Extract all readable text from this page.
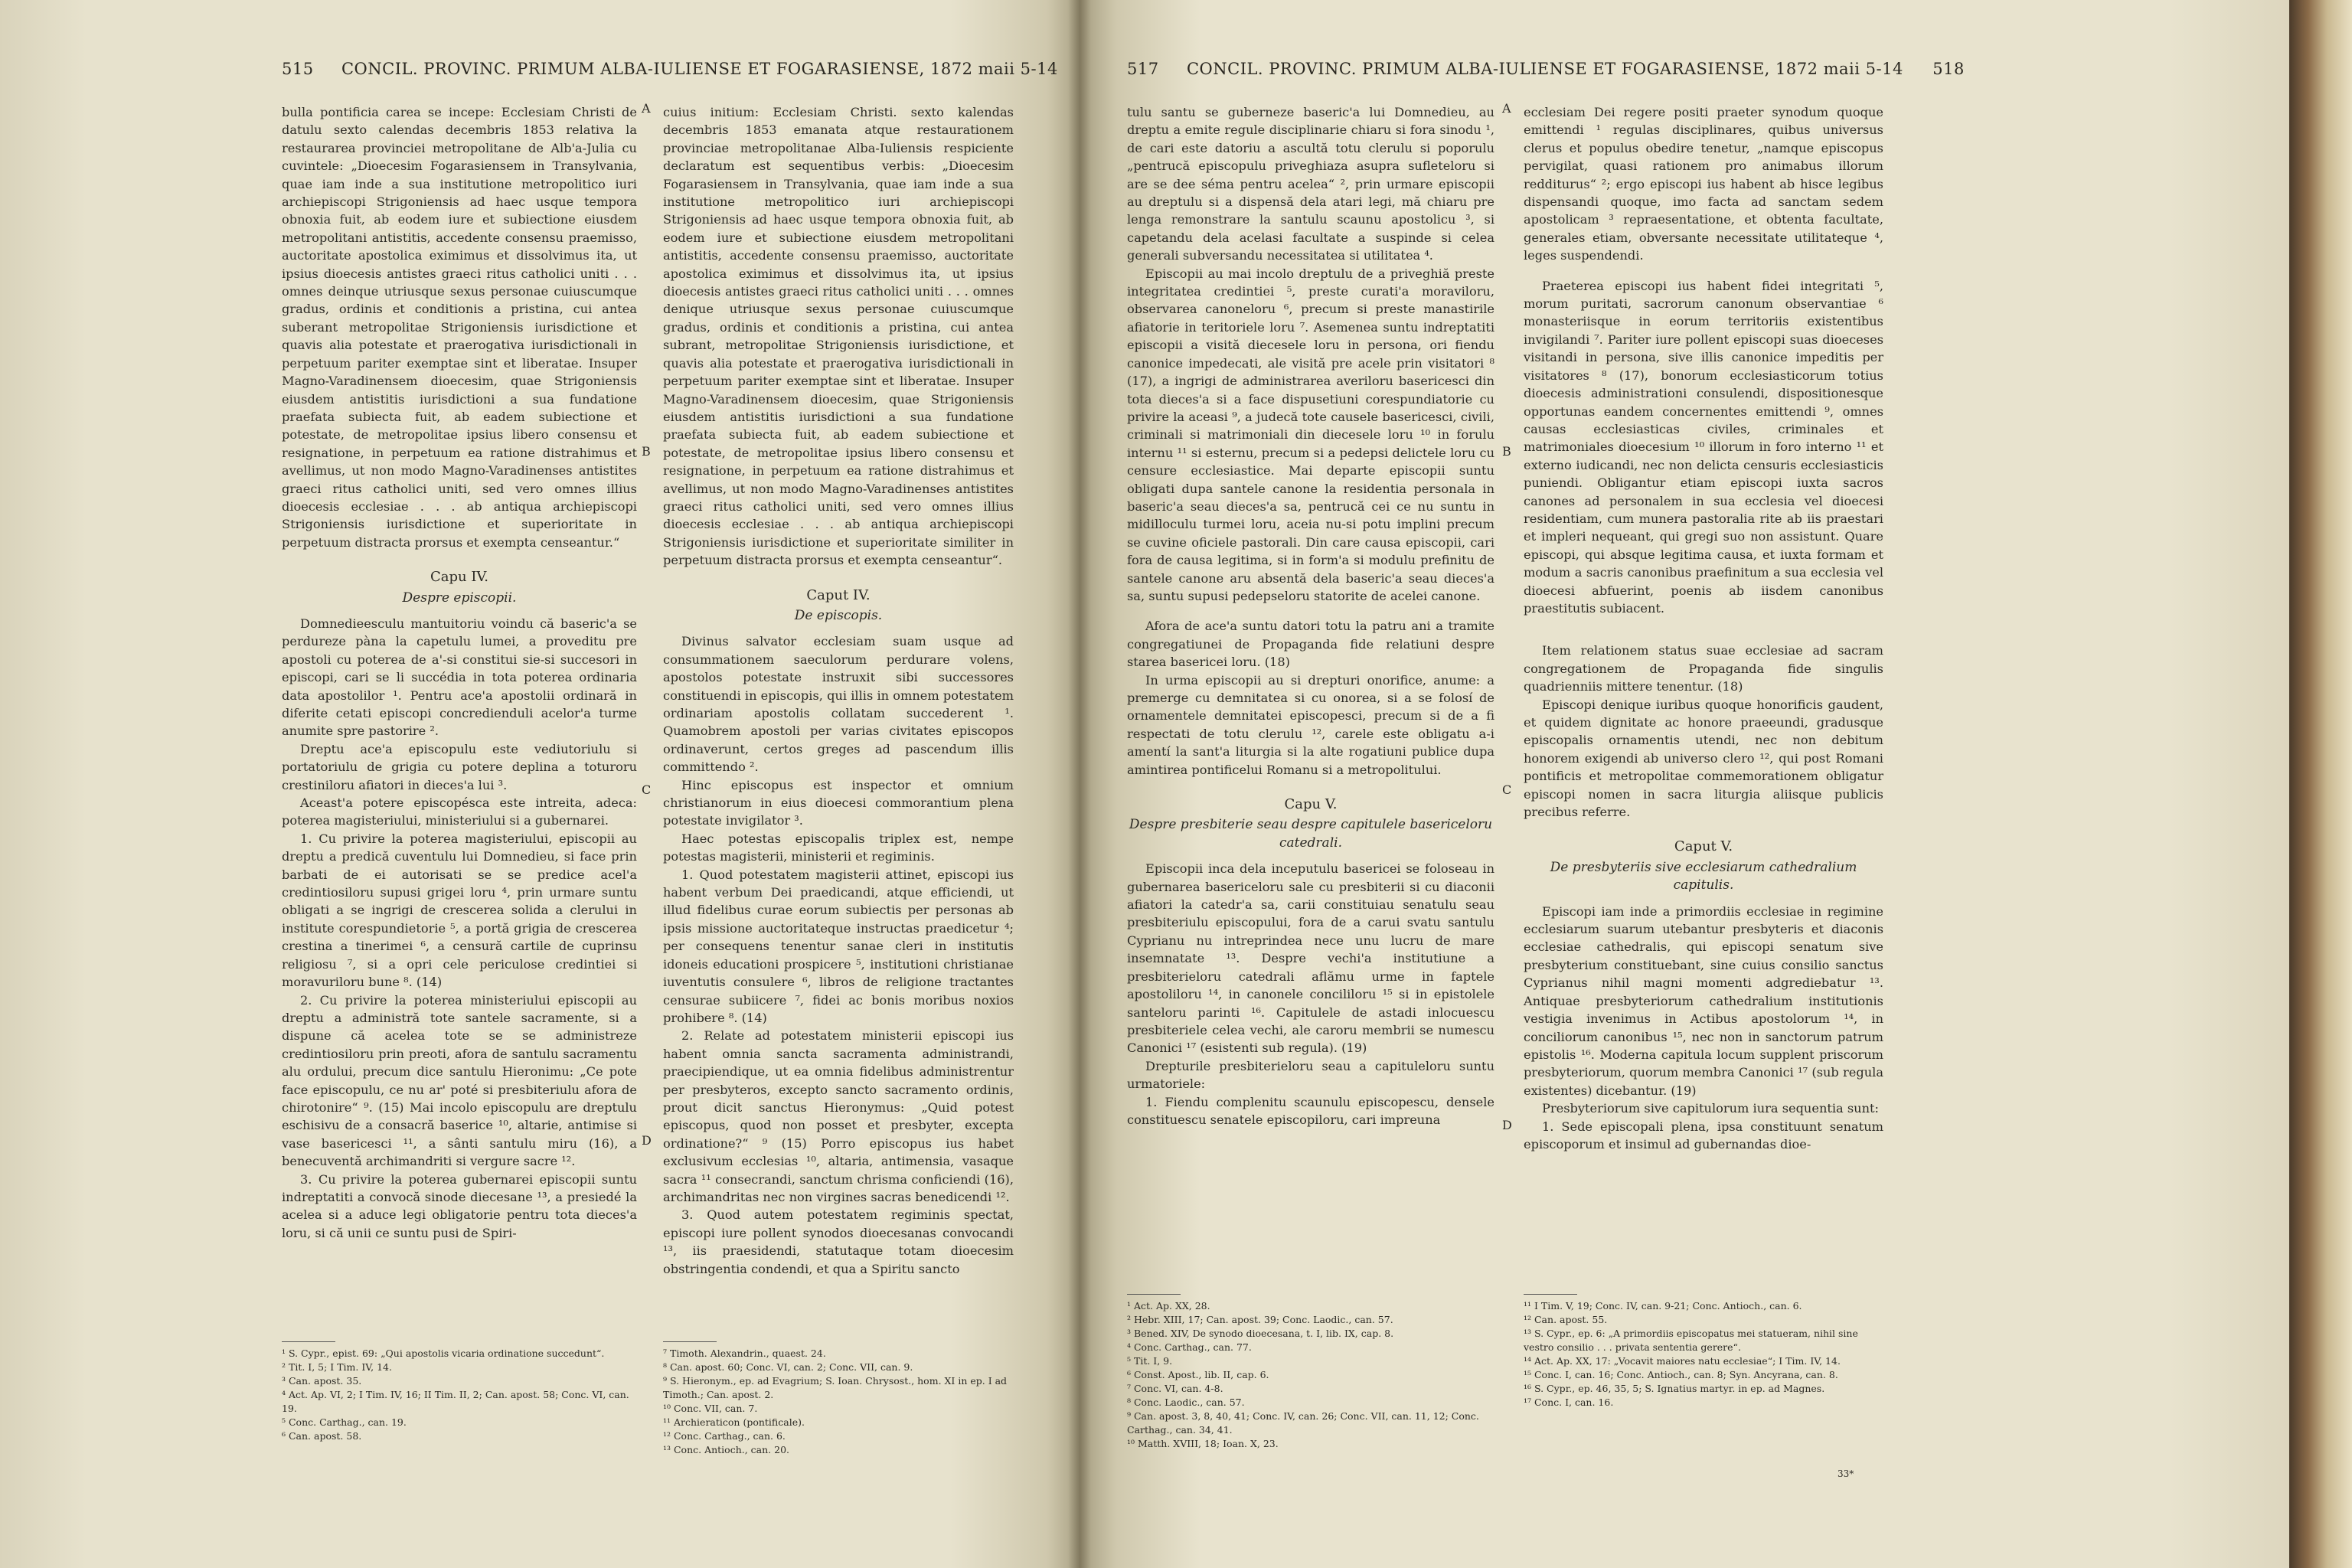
515 CONCIL. PROVINC. PRIMUM ALBA-IULIENSE ET FOGARASIENSE, 1872 maii 5-14

bulla pontificia carea se incepe: Ecclesiam Christi de datulu sexto calendas decembris 1853 relativa la restaurarea provinciei metropolitane de Alb'a-Julia cu cuvintele: „Dioecesim Fogarasiensem in Transylvania, quae iam inde a sua institutione metropolitico iuri archiepiscopi Strigoniensis ad haec usque tempora obnoxia fuit, ab eodem iure et subiectione eiusdem metropolitani antistitis, accedente consensu praemisso, auctoritate apostolica eximimus et dissolvimus ita, ut ipsius dioecesis antistes graeci ritus catholici uniti . . . omnes deinque utriusque sexus personae cuiuscumque gradus, ordinis et conditionis a pristina, cui antea suberant metropolitae Strigoniensis iurisdictione et quavis alia potestate et praerogativa iurisdictionali in perpetuum pariter exemptae sint et liberatae. Insuper Magno-Varadinensem dioecesim, quae Strigoniensis eiusdem antistitis iurisdictioni a sua fundatione praefata subiecta fuit, ab eadem subiectione et potestate, de metropolitae ipsius libero consensu et resignatione, in perpetuum ea ratione distrahimus et avellimus, ut non modo Magno-Varadinenses antistites graeci ritus catholici uniti, sed vero omnes illius dioecesis ecclesiae . . . ab antiqua archiepiscopi Strigoniensis iurisdictione et superioritate in perpetuum distracta prorsus et exempta censeantur.“

Capu IV.
Despre episcopii.

Domnedieesculu mantuitoriu voindu că baseric'a se perdureze pàna la capetulu lumei, a proveditu pre apostoli cu poterea de a'-si constitui sie-si succesori in episcopi, cari se li succédia in tota poterea ordinaria data apostolilor ¹. Pentru ace'a apostolii ordinară in diferite cetati episcopi concredienduli acelor'a turme anumite spre pastorire ².

Dreptu ace'a episcopulu este vediutoriulu si portatoriulu de grigia cu potere deplina a toturoru crestiniloru afiatori in dieces'a lui ³.

Aceast'a potere episcopésca este intreita, adeca: poterea magisteriului, ministeriului si a gubernarei.

1. Cu privire la poterea magisteriului, episcopii au dreptu a predică cuventulu lui Domnedieu, si face prin barbati de ei autorisati se se predice acel'a credintiosiloru supusi grigei loru ⁴, prin urmare suntu obligati a se ingrigi de crescerea solida a clerului in institute corespundietorie ⁵, a portă grigia de crescerea crestina a tinerimei ⁶, a censură cartile de cuprinsu religiosu ⁷, si a opri cele periculose credintiei si moravuriloru bune ⁸. (14)

2. Cu privire la poterea ministeriului episcopii au dreptu a administră tote santele sacramente, si a dispune că acelea tote se se administreze credintiosiloru prin preoti, afora de santulu sacramentu alu ordului, precum dice santulu Hieronimu: „Ce pote face episcopulu, ce nu ar' poté si presbiteriulu afora de chirotonire“ ⁹. (15) Mai incolo episcopulu are dreptulu eschisivu de a consacră baserice ¹⁰, altarie, antimise si vase basericesci ¹¹, a sânti santulu miru (16), a benecuventă archimandriti si vergure sacre ¹².

3. Cu privire la poterea gubernarei episcopii suntu indreptatiti a convocă sinode diecesane ¹³, a presiedé la acelea si a aduce legi obligatorie pentru tota dieces'a loru, si că unii ce suntu pusi de Spiri-

¹ S. Cypr., epist. 69: „Qui apostolis vicaria ordinatione succedunt“.
² Tit. I, 5; I Tim. IV, 14.
³ Can. apost. 35.
⁴ Act. Ap. VI, 2; I Tim. IV, 16; II Tim. II, 2; Can. apost. 58; Conc. VI, can. 19.
⁵ Conc. Carthag., can. 19.
⁶ Can. apost. 58.

cuius initium: Ecclesiam Christi. sexto kalendas decembris 1853 emanata atque restaurationem provinciae metropolitanae Alba-Iuliensis respiciente declaratum est sequentibus verbis: „Dioecesim Fogarasiensem in Transylvania, quae iam inde a sua institutione metropolitico iuri archiepiscopi Strigoniensis ad haec usque tempora obnoxia fuit, ab eodem iure et subiectione eiusdem metropolitani antistitis, accedente consensu praemisso, auctoritate apostolica eximimus et dissolvimus ita, ut ipsius dioecesis antistes graeci ritus catholici uniti . . . omnes denique utriusque sexus personae cuiuscumque gradus, ordinis et conditionis a pristina, cui antea subrant, metropolitae Strigoniensis iurisdictione, et quavis alia potestate et praerogativa iurisdictionali in perpetuum pariter exemptae sint et liberatae. Insuper Magno-Varadinensem dioecesim, quae Strigoniensis eiusdem antistitis iurisdictioni a sua fundatione praefata subiecta fuit, ab eadem subiectione et potestate, de metropolitae ipsius libero consensu et resignatione, in perpetuum ea ratione distrahimus et avellimus, ut non modo Magno-Varadinenses antistites graeci ritus catholici uniti, sed vero omnes illius dioecesis ecclesiae . . . ab antiqua archiepiscopi Strigoniensis iurisdictione et superioritate similiter in perpetuum distracta prorsus et exempta censeantur“.

Caput IV.
De episcopis.

Divinus salvator ecclesiam suam usque ad consummationem saeculorum perdurare volens, apostolos potestate instruxit sibi successores constituendi in episcopis, qui illis in omnem potestatem ordinariam apostolis collatam succederent ¹. Quamobrem apostoli per varias civitates episcopos ordinaverunt, certos greges ad pascendum illis committendo ².

Hinc episcopus est inspector et omnium christianorum in eius dioecesi commorantium plena potestate invigilator ³.

Haec potestas episcopalis triplex est, nempe potestas magisterii, ministerii et regiminis.

1. Quod potestatem magisterii attinet, episcopi ius habent verbum Dei praedicandi, atque efficiendi, ut illud fidelibus curae eorum subiectis per personas ab ipsis missione auctoritateque instructas praedicetur ⁴; per consequens tenentur sanae cleri in institutis idoneis educationi prospicere ⁵, institutioni christianae iuventutis consulere ⁶, libros de religione tractantes censurae subiicere ⁷, fidei ac bonis moribus noxios prohibere ⁸. (14)

2. Relate ad potestatem ministerii episcopi ius habent omnia sancta sacramenta administrandi, praecipiendique, ut ea omnia fidelibus administrentur per presbyteros, excepto sancto sacramento ordinis, prout dicit sanctus Hieronymus: „Quid potest episcopus, quod non posset et presbyter, excepta ordinatione?“ ⁹ (15) Porro episcopus ius habet exclusivum ecclesias ¹⁰, altaria, antimensia, vasaque sacra ¹¹ consecrandi, sanctum chrisma conficiendi (16), archimandritas nec non virgines sacras benedicendi ¹².

3. Quod autem potestatem regiminis spectat, episcopi iure pollent synodos dioecesanas convocandi ¹³, iis praesidendi, statutaque totam dioecesim obstringentia condendi, et qua a Spiritu sancto

⁷ Timoth. Alexandrin., quaest. 24.
⁸ Can. apost. 60; Conc. VI, can. 2; Conc. VII, can. 9.
⁹ S. Hieronym., ep. ad Evagrium; S. Ioan. Chrysost., hom. XI in ep. I ad Timoth.; Can. apost. 2.
¹⁰ Conc. VII, can. 7.
¹¹ Archieraticon (pontificale).
¹² Conc. Carthag., can. 6.
¹³ Conc. Antioch., can. 20.
A
B
C
D
517 CONCIL. PROVINC. PRIMUM ALBA-IULIENSE ET FOGARASIENSE, 1872 maii 5-14 518

tulu santu se guberneze baseric'a lui Domnedieu, au dreptu a emite regule disciplinarie chiaru si fora sinodu ¹, de cari este datoriu a ascultă totu clerulu si poporulu „pentrucă episcopulu priveghiaza asupra sufleteloru si are se dee séma pentru acelea“ ², prin urmare episcopii au dreptulu si a dispensă dela atari legi, mă chiaru pre lenga remonstrare la santulu scaunu apostolicu ³, si capetandu dela acelasi facultate a suspinde si celea generali subversandu necessitatea si utilitatea ⁴.

Episcopii au mai incolo dreptulu de a priveghiă preste integritatea credintiei ⁵, preste curati'a moraviloru, observarea canoneloru ⁶, precum si preste manastirile afiatorie in teritoriele loru ⁷. Asemenea suntu indreptatiti episcopii a visită diecesele loru in persona, ori fiendu canonice impedecati, ale visită pre acele prin visitatori ⁸ (17), a ingrigi de administrarea averiloru basericesci din tota dieces'a si a face dispusetiuni corespundiatorie cu privire la aceasi ⁹, a judecă tote causele basericesci, civili, criminali si matrimoniali din diecesele loru ¹⁰ in forulu internu ¹¹ si esternu, precum si a pedepsi delictele loru cu censure ecclesiastice. Mai departe episcopii suntu obligati dupa santele canone la residentia personala in baseric'a seau dieces'a sa, pentrucă cei ce nu suntu in midilloculu turmei loru, aceia nu-si potu implini precum se cuvine oficiele pastorali. Din care causa episcopii, cari fora de causa legitima, si in form'a si modulu prefinitu de santele canone aru absentă dela baseric'a seau dieces'a sa, suntu supusi pedepseloru statorite de acelei canone.

Afora de ace'a suntu datori totu la patru ani a tramite congregatiunei de Propaganda fide relatiuni despre starea basericei loru. (18)

In urma episcopii au si drepturi onorifice, anume: a premerge cu demnitatea si cu onorea, si a se folosí de ornamentele demnitatei episcopesci, precum si de a fi respectati de totu clerulu ¹², carele este obligatu a-i amentí la sant'a liturgia si la alte rogatiuni publice dupa amintirea pontificelui Romanu si a metropolitului.

Capu V.
Despre presbiterie seau despre capitulele basericeloru catedrali.

Episcopii inca dela inceputulu basericei se foloseau in gubernarea basericeloru sale cu presbiterii si cu diaconii afiatori la catedr'a sa, carii constituiau senatulu seau presbiteriulu episcopului, fora de a carui svatu santulu Cyprianu nu intreprindea nece unu lucru de mare insemnatate ¹³. Despre vechi'a institutiune a presbiterieloru catedrali aflămu urme in faptele apostoliloru ¹⁴, in canonele concililoru ¹⁵ si in epistolele santeloru parinti ¹⁶. Capitulele de astadi inlocuescu presbiteriele celea vechi, ale caroru membrii se numescu Canonici ¹⁷ (esistenti sub regula). (19)

Drepturile presbiterieloru seau a capituleloru suntu urmatoriele:

1. Fiendu complenitu scaunulu episcopescu, densele constituescu senatele episcopiloru, cari impreuna

¹ Act. Ap. XX, 28.
² Hebr. XIII, 17; Can. apost. 39; Conc. Laodic., can. 57.
³ Bened. XIV, De synodo dioecesana, t. I, lib. IX, cap. 8.
⁴ Conc. Carthag., can. 77.
⁵ Tit. I, 9.
⁶ Const. Apost., lib. II, cap. 6.
⁷ Conc. VI, can. 4-8.
⁸ Conc. Laodic., can. 57.
⁹ Can. apost. 3, 8, 40, 41; Conc. IV, can. 26; Conc. VII, can. 11, 12; Conc. Carthag., can. 34, 41.
¹⁰ Matth. XVIII, 18; Ioan. X, 23.

ecclesiam Dei regere positi praeter synodum quoque emittendi ¹ regulas disciplinares, quibus universus clerus et populus obedire tenetur, „namque episcopus pervigilat, quasi rationem pro animabus illorum redditurus“ ²; ergo episcopi ius habent ab hisce legibus dispensandi quoque, imo facta ad sanctam sedem apostolicam ³ repraesentatione, et obtenta facultate, generales etiam, obversante necessitate utilitateque ⁴, leges suspendendi.

Praeterea episcopi ius habent fidei integritati ⁵, morum puritati, sacrorum canonum observantiae ⁶ monasteriisque in eorum territoriis existentibus invigilandi ⁷. Pariter iure pollent episcopi suas dioeceses visitandi in persona, sive illis canonice impeditis per visitatores ⁸ (17), bonorum ecclesiasticorum totius dioecesis administrationi consulendi, dispositionesque opportunas eandem concernentes emittendi ⁹, omnes causas ecclesiasticas civiles, criminales et matrimoniales dioecesium ¹⁰ illorum in foro interno ¹¹ et externo iudicandi, nec non delicta censuris ecclesiasticis puniendi. Obligantur etiam episcopi iuxta sacros canones ad personalem in sua ecclesia vel dioecesi residentiam, cum munera pastoralia rite ab iis praestari et impleri nequeant, qui gregi suo non assistunt. Quare episcopi, qui absque legitima causa, et iuxta formam et modum a sacris canonibus praefinitum a sua ecclesia vel dioecesi abfuerint, poenis ab iisdem canonibus praestitutis subiacent.

Item relationem status suae ecclesiae ad sacram congregationem de Propaganda fide singulis quadrienniis mittere tenentur. (18)

Episcopi denique iuribus quoque honorificis gaudent, et quidem dignitate ac honore praeeundi, gradusque episcopalis ornamentis utendi, nec non debitum honorem exigendi ab universo clero ¹², qui post Romani pontificis et metropolitae commemorationem obligatur episcopi nomen in sacra liturgia aliisque publicis precibus referre.

Caput V.
De presbyteriis sive ecclesiarum cathedralium capitulis.

Episcopi iam inde a primordiis ecclesiae in regimine ecclesiarum suarum utebantur presbyteris et diaconis ecclesiae cathedralis, qui episcopi senatum sive presbyterium constituebant, sine cuius consilio sanctus Cyprianus nihil magni momenti adgrediebatur ¹³. Antiquae presbyteriorum cathedralium institutionis vestigia invenimus in Actibus apostolorum ¹⁴, in conciliorum canonibus ¹⁵, nec non in sanctorum patrum epistolis ¹⁶. Moderna capitula locum supplent priscorum presbyteriorum, quorum membra Canonici ¹⁷ (sub regula existentes) dicebantur. (19)

Presbyteriorum sive capitulorum iura sequentia sunt:

1. Sede episcopali plena, ipsa constituunt senatum episcoporum et insimul ad gubernandas dioe-

¹¹ I Tim. V, 19; Conc. IV, can. 9-21; Conc. Antioch., can. 6.
¹² Can. apost. 55.
¹³ S. Cypr., ep. 6: „A primordiis episcopatus mei statueram, nihil sine vestro consilio . . . privata sententia gerere“.
¹⁴ Act. Ap. XX, 17: „Vocavit maiores natu ecclesiae“; I Tim. IV, 14.
¹⁵ Conc. I, can. 16; Conc. Antioch., can. 8; Syn. Ancyrana, can. 8.
¹⁶ S. Cypr., ep. 46, 35, 5; S. Ignatius martyr. in ep. ad Magnes.
¹⁷ Conc. I, can. 16.
33*
A
B
C
D
